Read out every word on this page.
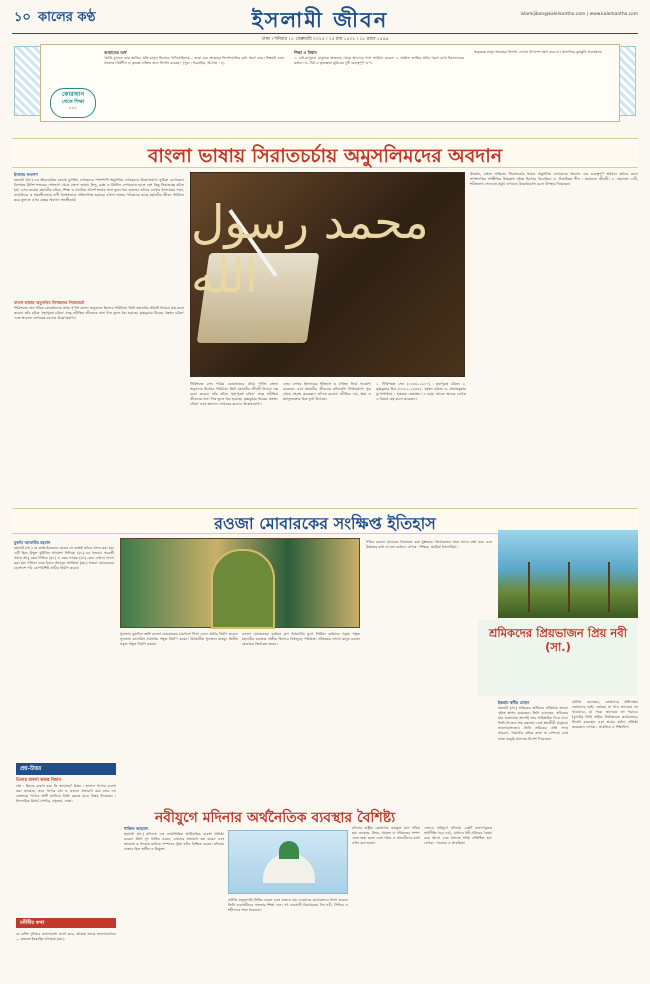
১০ কালের কণ্ঠ	ইসলামী জীবন	islamijibon@kalerkantho.com | www.kalerkantho.com
ঢাকা । শনিবার । ৮ ফেব্রুয়ারি ২০২৫ । ২৫ মাঘ ১৪৩১ । ১৮ রজব ১৪৪৬
কোরআন
থেকে শিক্ষা
৮৯৪
আয়াতের অর্থ
'আমি মুসাকে তার জাতির প্রতি রাসুল হিসেবে পাঠিয়েছিলাম… তারা যেন আল্লাহর নিদর্শনাবলির কথা স্মরণ করে। নিশ্চয়ই এতে প্রত্যেক ধৈর্যশীল ও কৃতজ্ঞ ব্যক্তির জন্য নিদর্শন রয়েছে।' (সুরা : ইবরাহিম, আয়াত : ৫)
শিক্ষা ও বিধান
১. নবী-রাসুলরা মানুষকে অন্ধকার থেকে আলোর পথে আহ্বান করেন। ২. অতীত জাতির ঘটনা স্মরণ রাখা ঈমানদারের কর্তব্য। ৩. ধৈর্য ও কৃতজ্ঞতা মুমিনের দুটি গুরুত্বপূর্ণ গুণ।
অকৃতজ্ঞ মানুষ আল্লাহর নিদর্শন দেখেও উপদেশ গ্রহণ করে না। তাফসিরে কুরতুবি অবলম্বনে।
বাংলা ভাষায় সিরাতচর্চায় অমুসলিমদের অবদান
ইসলাম সংলাপ
মহানবী (সা.)-এর জীবনচরিত রচনায় মুসলিম লেখকদের পাশাপাশি অমুসলিম লেখকরাও উল্লেখযোগ্য ভূমিকা রেখেছেন। বিশেষত উনিশ শতকের শেষভাগ থেকে বাংলা ভাষায় হিন্দু, ব্রাহ্ম ও খ্রিস্টান লেখকদের হাতে বেশ কিছু সিরাতগ্রন্থ রচিত হয়। এসব রচনায় মহানবীর চরিত্র, শিক্ষা ও মানবিক আদর্শ শ্রদ্ধার সঙ্গে তুলে ধরা হয়েছে। তাঁদের লেখায় ইসলামের সাম্য, ন্যায়বিচার ও সহনশীলতার বাণী বিশেষভাবে প্রতিফলিত হয়েছে। বাংলা ভাষার পাঠকদের কাছে মহানবীর জীবন পরিচিত করে তুলতে এসব গ্রন্থের অবদান অনস্বীকার্য।
বাংলা ভাষায় অমুসলিম লিখকদের সিরাতচর্চা
গিরিশচন্দ্র সেন পবিত্র কোরআনের প্রথম পূর্ণাঙ্গ বাংলা অনুবাদক হিসেবে পরিচিত। তিনি মহানবীর জীবনী নিয়েও গ্রন্থ রচনা করেন। তাঁর রচিত 'মহাপুরুষ চরিত' গ্রন্থে নবীজির জীবনের নানা দিক তুলে ধরা হয়েছে। কৃষ্ণকুমার মিত্রের 'মহম্মদ চরিত' এবং অন্যান্য লেখকের রচনাও উল্লেখযোগ্য।
محمد رسول الله
উল্লেখ্য, বাংলা সাহিত্যে সিরাতচর্চার ধারায় অমুসলিম লেখকদের অবদান এক গুরুত্বপূর্ণ অধ্যায়। তাঁদের রচনা সাম্প্রদায়িক সম্প্রীতির উজ্জ্বল দৃষ্টান্ত হিসেবে বিবেচিত। ৪. নিতাইচন্দ্র শীল : মহম্মদের জীবনী। ৫. হেমলতা দেবী, শচীন্দ্রনাথ সেনগুপ্ত প্রমুখ লেখকও উল্লেখযোগ্য রচনা উপহার দিয়েছেন।
গিরিশচন্দ্র সেন পবিত্র কোরআনের প্রথম পূর্ণাঙ্গ বাংলা অনুবাদক হিসেবে পরিচিত। তিনি মহানবীর জীবনী নিয়েও গ্রন্থ রচনা করেন। তাঁর রচিত 'মহাপুরুষ চরিত' গ্রন্থে নবীজির জীবনের নানা দিক তুলে ধরা হয়েছে। কৃষ্ণকুমার মিত্রের 'মহম্মদ চরিত' এবং অন্যান্য লেখকের রচনাও উল্লেখযোগ্য।
এসব লেখক ইসলামের ইতিহাস ও ঐতিহ্য নিয়ে গবেষণা করেছেন এবং মহানবীর জীবনের ঘটনাবলি নির্ভরযোগ্য সূত্র থেকে সংগ্রহ করেছেন। তাঁদের রচনায় নবীজির দয়া, ক্ষমা ও মহানুভবতার চিত্র ফুটে উঠেছে।
১. গিরিশচন্দ্র সেন (১৮৩৪–১৯১০) : মহাপুরুষ চরিত। ২. কৃষ্ণকুমার মিত্র (১৮৫২–১৯৩৬) : মহম্মদ চরিত। ৩. প্রভাতকুমার মুখোপাধ্যায় : হজরত মোহাম্মদ। এ ছাড়া আরো অনেক লেখক এ বিষয়ে গ্রন্থ রচনা করেছেন।
রওজা মোবারকের সংক্ষিপ্ত ইতিহাস
মুফতি আতাউর রহমান
মহানবী (সা.) যে কক্ষে ইন্তেকাল করেন সে কক্ষেই তাঁকে দাফন করা হয়। এটি ছিল উম্মুল মুমিনিন আয়েশা সিদ্দিকা (রা.)-এর হুজরা। পরবর্তী সময়ে আবু বকর সিদ্দিক (রা.) ও ওমর ফারুক (রা.)-কেও এখানে দাফন করা হয়। খলিফা ওমর ইবনে আবদুল আজিজ (রহ.) হুজরা মোবারকের চারপাশে পাঁচ কোণবিশিষ্ট প্রাচীর নির্মাণ করেন।
সুলতান নুরুদ্দিন জঙ্গি রওজা মোবারকের চারপাশে সিসা ঢেলে প্রাচীর নির্মাণ করেন। সুলতান কালাউন সর্বপ্রথম গম্বুজ নির্মাণ করেন। উসমানীয় সুলতান মাহমুদ দ্বিতীয় সবুজ গম্বুজ নির্মাণ করেন।
রওজা মোবারকের বর্তমান রূপ উসমানীয় যুগে নির্মিত। বর্তমানে সবুজ গম্বুজ মহানবীর রওজার প্রতীক হিসেবে বিশ্বজুড়ে পরিচিত। প্রতিবছর লাখো মানুষ রওজা মোবারক জিয়ারত করেন।
পবিত্র রওজা মোবারক জিয়ারত করা মুস্তাহাব। জিয়ারতের সময় আদব রক্ষা করা এবং উচ্চস্বরে কথা না বলা কর্তব্য। লেখক : শিক্ষক, জামিয়া ইসলামিয়া।
শ্রমিকদের প্রিয়ভাজন প্রিয় নবী (সা.)
ইকরাম কবীর মোহন
মহানবী (সা.) শ্রমিকের অধিকার প্রতিষ্ঠায় অনন্য দৃষ্টান্ত স্থাপন করেছেন। তিনি বলেছেন, শ্রমিকের ঘাম শুকানোর আগেই তার পারিশ্রমিক দিয়ে দাও। তিনি নিজেও শ্রম করতেন এবং শ্রমজীবী মানুষকে ভালোবাসতেন। তিনি শ্রমিকের প্রতি সদয় আচরণ, সামর্থ্যের বাইরে কাজ না চাপানো এবং ন্যায্য মজুরি প্রদানের নির্দেশ দিয়েছেন।
নবীজি বলেছেন, তোমাদের অধীনস্থরা তোমাদের ভাই। তোমরা যা খাও তাদেরও তা খাওয়াবে, যা পরো তাদেরও তা পরাবে। (বুখারি) তিনি শ্রমিক নির্যাতনকে কঠোরভাবে নিষেধ করেছেন এবং শ্রমের মর্যাদা প্রতিষ্ঠা করেছেন। লেখক : প্রাবন্ধিক ও শিক্ষাবিদ।
প্রশ্ন-উত্তর
তিনার ব্যবসা করার বিধান
প্রশ্ন : তিনার ব্যবসা করা কি জায়েজ? উত্তর : হালাল পণ্যের ব্যবসা করা জায়েজ, তবে পণ্যের মান ও ওজনে প্রতারণা করা যাবে না। ক্রেতাকে পণ্যের ত্রুটি জানিয়ে বিক্রি করতে হবে। উত্তর দিয়েছেন : ইসলামিক রিসার্চ সেন্টার, বসুন্ধরা, ঢাকা।
মনীষীর কথা
যে ব্যক্তি দুনিয়ার ভালোবাসা ত্যাগ করে, আল্লাহ তাকে ভালোবাসেন। — হজরত ইবরাহিম আদহাম (রহ.)
নবীযুগে মদিনার অর্থনৈতিক ব্যবস্থার বৈশিষ্ট্য
শাকিল আহমাদ
মহানবী (সা.) মদিনায় এক ন্যায়ভিত্তিক অর্থনৈতিক ব্যবস্থা প্রতিষ্ঠা করেন। তিনি সুদ নিষিদ্ধ করেন, বাজারে প্রতারণা বন্ধ করেন এবং জাকাত ও সদকার মাধ্যমে সম্পদের সুষম বণ্টন নিশ্চিত করেন। মদিনার বাজার ছিল স্বাধীন ও উন্মুক্ত।
নবীজি মজুতদারি নিষিদ্ধ করেন এবং ওজনে কম দেওয়াকে কঠোরভাবে নিন্দা করেন। তিনি ব্যবসায়ীদের সততার শিক্ষা দেন। সৎ ব্যবসায়ী কিয়ামতের দিন নবী, সিদ্দিক ও শহীদদের সঙ্গে থাকবেন।
মদিনার রাষ্ট্রীয় কোষাগার বায়তুল মাল গঠিত হয়। জাকাত, উশর, খারাজ ও গনিমতের সম্পদ এতে জমা হতো এবং দরিদ্র ও অভাবীদের মধ্যে বণ্টন করা হতো।
এভাবে নবীযুগে মদিনায় একটি কল্যাণমূলক অর্থনীতি গড়ে ওঠে, যেখানে ধনী-গরিবের বৈষম্য কমে আসে এবং সমাজে শান্তি প্রতিষ্ঠিত হয়। লেখক : গবেষক ও প্রাবন্ধিক।
